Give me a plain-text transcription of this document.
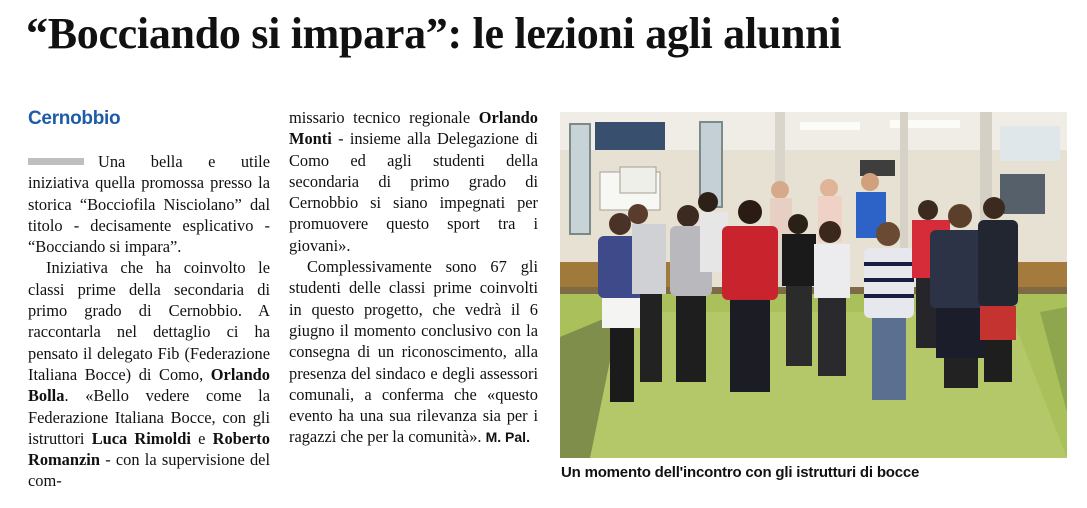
“Bocciando si impara”: le lezioni agli alunni
Cernobbio

Una bella e utile iniziativa quella promossa presso la storica “Bocciofila Nisciolano” dal titolo - decisamente esplicativo - “Bocciando si impara”.

Iniziativa che ha coinvolto le classi prime della secondaria di primo grado di Cernobbio. A raccontarla nel dettaglio ci ha pensato il delegato Fib (Federazione Italiana Bocce) di Como, Orlando Bolla. «Bello vedere come la Federazione Italiana Bocce, con gli istruttori Luca Rimoldi e Roberto Romanzin - con la supervisione del com-

missario tecnico regionale Orlando Monti - insieme alla Delegazione di Como ed agli studenti della secondaria di primo grado di Cernobbio si siano impegnati per promuovere questo sport tra i giovani».

Complessivamente sono 67 gli studenti delle classi prime coinvolti in questo progetto, che vedrà il 6 giugno il momento conclusivo con la consegna di un riconoscimento, alla presenza del sindaco e degli assessori comunali, a conferma che «questo evento ha una sua rilevanza sia per i ragazzi che per la comunità». M. Pal.

Un momento dell'incontro con gli istrutturi di bocce
